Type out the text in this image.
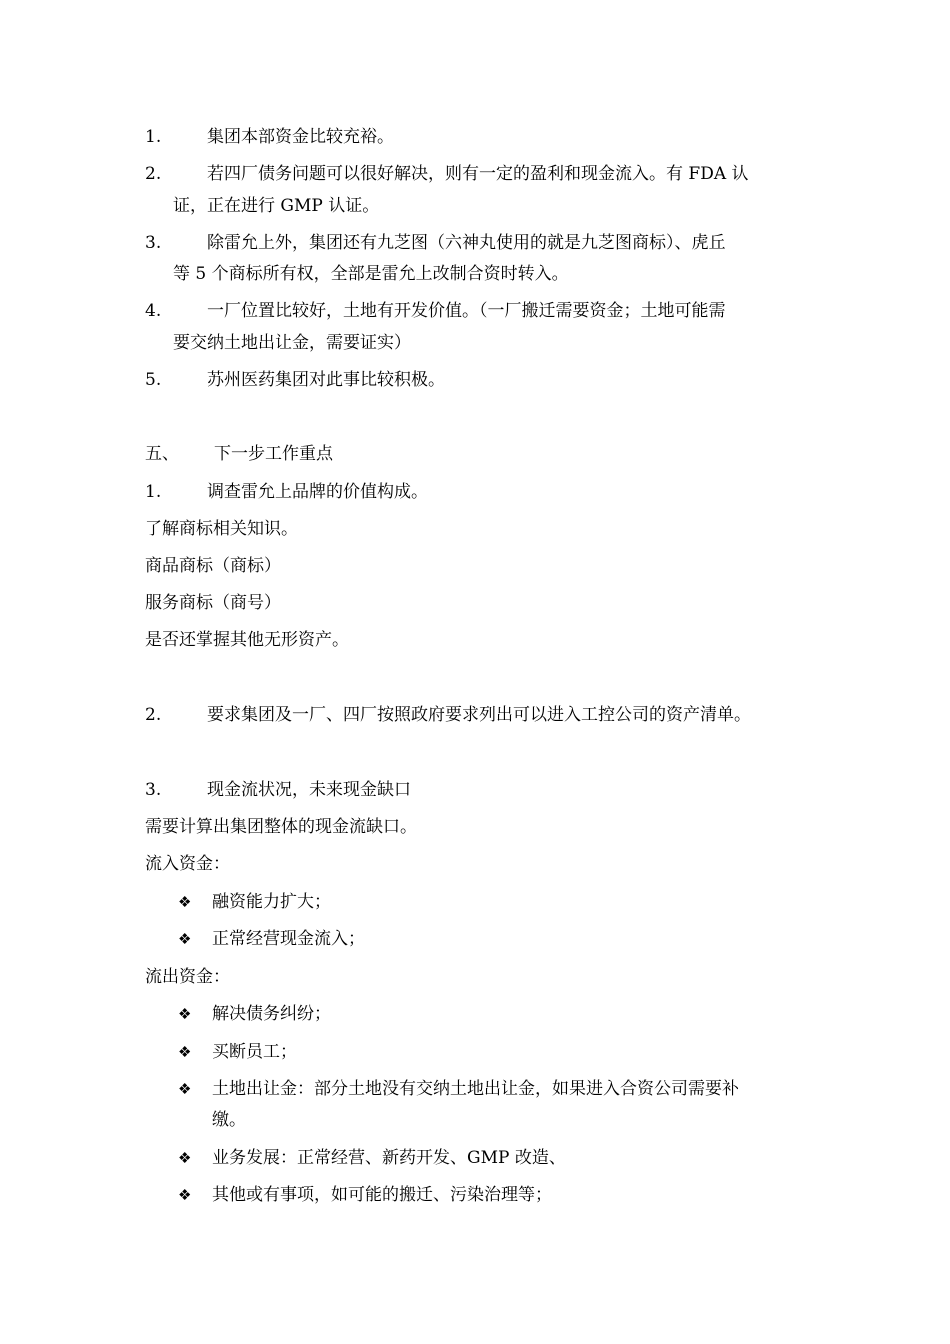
1.	集团本部资金比较充裕。
2.	若四厂债务问题可以很好解决，则有一定的盈利和现金流入。有 FDA 认
证，正在进行 GMP 认证。
3.	除雷允上外，集团还有九芝图（六神丸使用的就是九芝图商标）、虎丘
等 5 个商标所有权，全部是雷允上改制合资时转入。
4.	一厂位置比较好，土地有开发价值。（一厂搬迁需要资金；土地可能需
要交纳土地出让金，需要证实）
5.	苏州医药集团对此事比较积极。
五、 下一步工作重点
1.	调查雷允上品牌的价值构成。
了解商标相关知识。
商品商标（商标）
服务商标（商号）
是否还掌握其他无形资产。
2.	要求集团及一厂、四厂按照政府要求列出可以进入工控公司的资产清单。
3.	现金流状况，未来现金缺口
需要计算出集团整体的现金流缺口。
流入资金：
❖ 融资能力扩大；
❖ 正常经营现金流入；
流出资金：
❖ 解决债务纠纷；
❖ 买断员工；
❖ 土地出让金：部分土地没有交纳土地出让金，如果进入合资公司需要补
缴。
❖ 业务发展：正常经营、新药开发、GMP 改造、
❖ 其他或有事项，如可能的搬迁、污染治理等；
